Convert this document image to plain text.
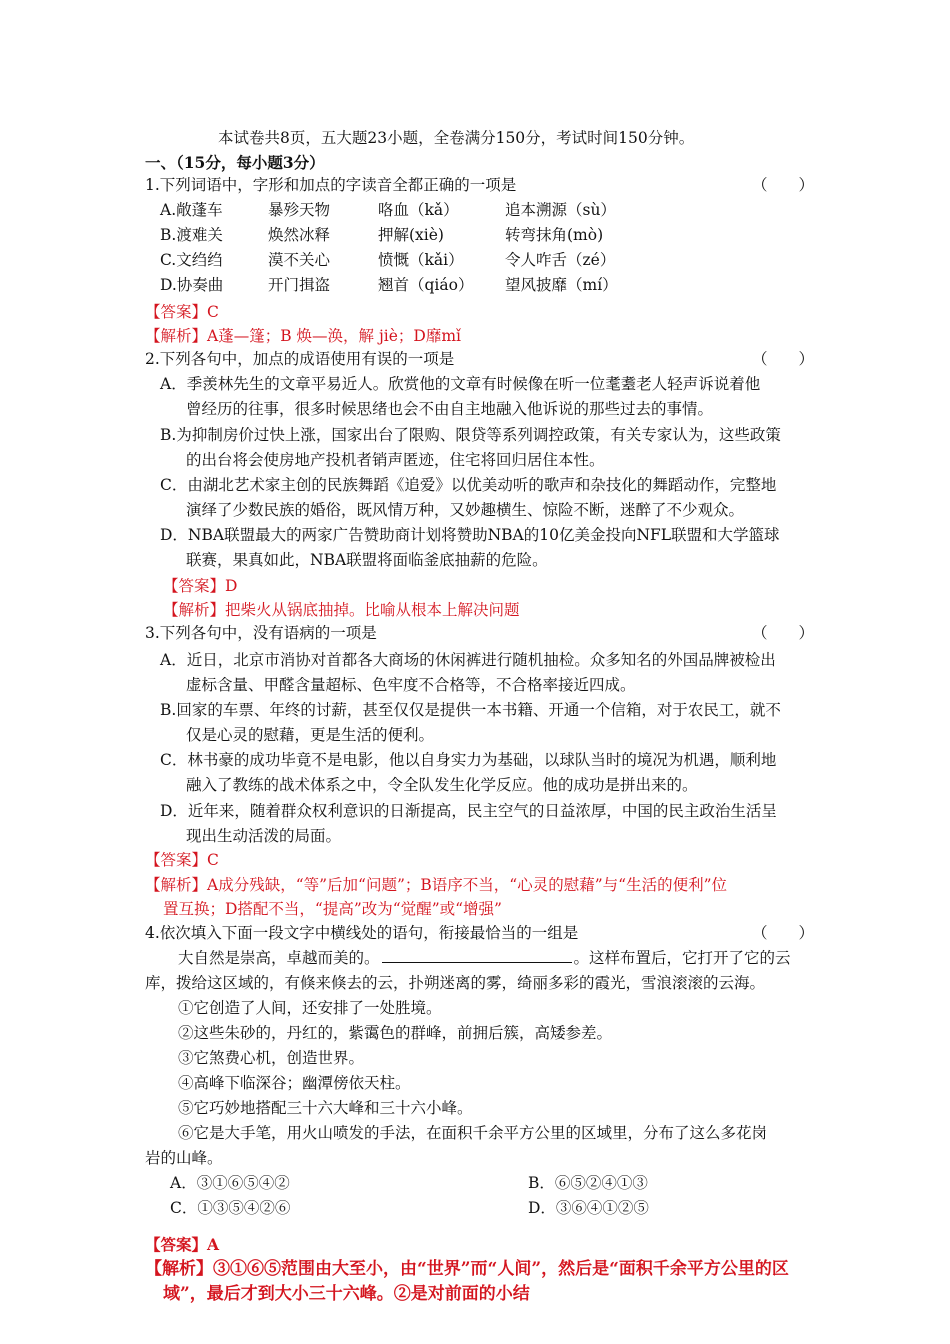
本试卷共8页，五大题23小题，全卷满分150分，考试时间150分钟。
一、（15分，每小题3分）
1.下列词语中，字形和加点的字读音全都正确的一项是	（　　）
A.敞蓬车	暴殄天物	咯血（kǎ）	追本溯源（sù）
B.渡难关	焕然冰释	押解(xiè)	转弯抹角(mò)
C.文绉绉	漠不关心	愤慨（kǎi）	令人咋舌（zé）
D.协奏曲	开门揖盗	翘首（qiáo） 望风披靡（mí）
【答案】C
【解析】A蓬—篷；B 焕—涣，解 jiè；D靡mǐ
2.下列各句中，加点的成语使用有误的一项是	（　　）
A．季羡林先生的文章平易近人。欣赏他的文章有时候像在听一位耄耋老人轻声诉说着他
曾经历的往事，很多时候思绪也会不由自主地融入他诉说的那些过去的事情。
B.为抑制房价过快上涨，国家出台了限购、限贷等系列调控政策，有关专家认为，这些政策
的出台将会使房地产投机者销声匿迹，住宅将回归居住本性。
C．由湖北艺术家主创的民族舞蹈《追爱》以优美动听的歌声和杂技化的舞蹈动作，完整地
演绎了少数民族的婚俗，既风情万种，又妙趣横生、惊险不断，迷醉了不少观众。
D．NBA联盟最大的两家广告赞助商计划将赞助NBA的10亿美金投向NFL联盟和大学篮球
联赛，果真如此，NBA联盟将面临釜底抽薪的危险。
【答案】D
【解析】把柴火从锅底抽掉。比喻从根本上解决问题
3.下列各句中，没有语病的一项是	（　　）
A．近日，北京市消协对首都各大商场的休闲裤进行随机抽检。众多知名的外国品牌被检出
虚标含量、甲醛含量超标、色牢度不合格等，不合格率接近四成。
B.回家的车票、年终的讨薪，甚至仅仅是提供一本书籍、开通一个信箱，对于农民工，就不
仅是心灵的慰藉，更是生活的便利。
C．林书豪的成功毕竟不是电影，他以自身实力为基础，以球队当时的境况为机遇，顺利地
融入了教练的战术体系之中，令全队发生化学反应。他的成功是拼出来的。
D．近年来，随着群众权利意识的日渐提高，民主空气的日益浓厚，中国的民主政治生活呈
现出生动活泼的局面。
【答案】C
【解析】A成分残缺，“等”后加“问题”；B语序不当，“心灵的慰藉”与“生活的便利”位
置互换；D搭配不当，“提高”改为“觉醒”或“增强”
4.依次填入下面一段文字中横线处的语句，衔接最恰当的一组是	（　　）
大自然是崇高，卓越而美的。	。这样布置后，它打开了它的云
库，拨给这区域的，有倏来倏去的云，扑朔迷离的雾，绮丽多彩的霞光，雪浪滚滚的云海。
①它创造了人间，还安排了一处胜境。
②这些朱砂的，丹红的，紫霭色的群峰，前拥后簇，高矮参差。
③它煞费心机，创造世界。
④高峰下临深谷；幽潭傍依天柱。
⑤它巧妙地搭配三十六大峰和三十六小峰。
⑥它是大手笔，用火山喷发的手法，在面积千余平方公里的区域里，分布了这么多花岗
岩的山峰。
A．③①⑥⑤④②	B．⑥⑤②④①③
C．①③⑤④②⑥	D．③⑥④①②⑤
【答案】A
【解析】③①⑥⑤范围由大至小，由“世界”而“人间”，然后是“面积千余平方公里的区
域”，最后才到大小三十六峰。②是对前面的小结
